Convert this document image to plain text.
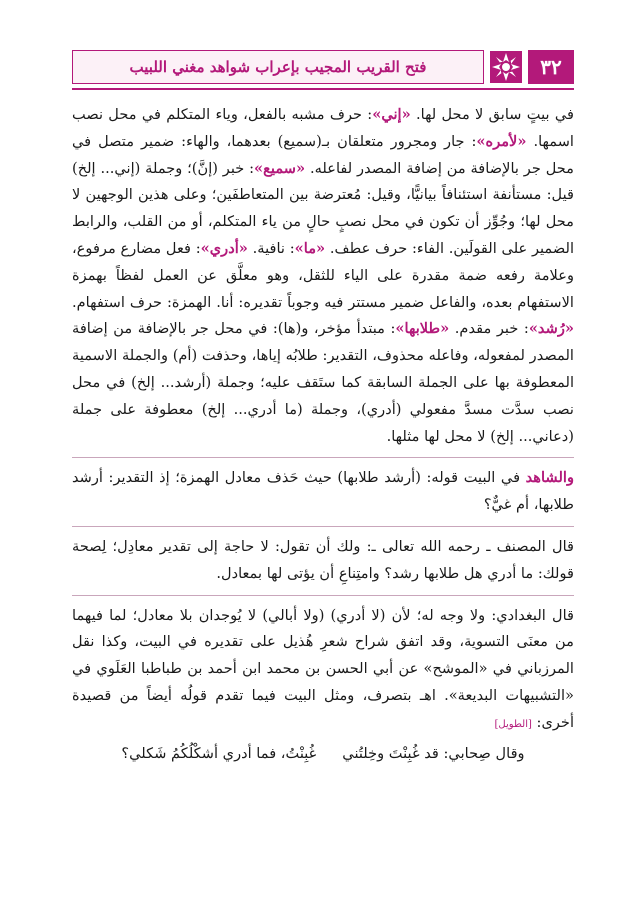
٣٢
فتح القريب المجيب بإعراب شواهد مغني اللبيب

في بيتٍ سابق لا محل لها. «إني»: حرف مشبه بالفعل، وياء المتكلم في محل نصب اسمها. «لأمره»: جار ومجرور متعلقان بـ(سميع) بعدهما، والهاء: ضمير متصل في محل جر بالإضافة من إضافة المصدر لفاعله. «سميع»: خبر (إنَّ)؛ وجملة (إني... إلخ) قيل: مستأنفة استئنافاً بيانيًّا، وقيل: مُعترضة بين المتعاطفَين؛ وعلى هذين الوجهين لا محل لها؛ وجُوِّز أن تكون في محل نصبٍ حالٍ من ياء المتكلم، أو من القلب، والرابط الضمير على القولَين. الفاء: حرف عطف. «ما»: نافية. «أدري»: فعل مضارع مرفوع، وعلامة رفعه ضمة مقدرة على الياء للثقل، وهو معلَّق عن العمل لفظاً بهمزة الاستفهام بعده، والفاعل ضمير مستتر فيه وجوباً تقديره: أنا. الهمزة: حرف استفهام. «رُشد»: خبر مقدم. «طلابها»: مبتدأ مؤخر، و(ها): في محل جر بالإضافة من إضافة المصدر لمفعوله، وفاعله محذوف، التقدير: طلابُه إياها، وحذفت (أم) والجملة الاسمية المعطوفة بها على الجملة السابقة كما ستَقف عليه؛ وجملة (أرشد... إلخ) في محل نصب سدَّت مسدَّ مفعولي (أدري)، وجملة (ما أدري... إلخ) معطوفة على جملة (دعاني... إلخ) لا محل لها مثلها.

والشاهد في البيت قوله: (أرشد طلابها) حيث حَذف معادل الهمزة؛ إذ التقدير: أرشد طلابها، أم غيٌّ؟

قال المصنف ـ رحمه الله تعالى ـ: ولك أن تقول: لا حاجة إلى تقدير معادِل؛ لِصحة قولك: ما أدري هل طلابها رشد؟ وامتِناعِ أن يؤتى لها بمعادل.

قال البغدادي: ولا وجه له؛ لأن (لا أدري) (ولا أبالي) لا يُوجدان بلا معادل؛ لما فيهما من معنَى التسوية، وقد اتفق شراح شعرِ هُذيل على تقديره في البيت، وكذا نقل المرزباني في «الموشح» عن أبي الحسن بن محمد ابن أحمد بن طباطبا العَلَوي في «التشبيهات البديعة». اهـ بتصرف، ومثل البيت فيما تقدم قولُه أيضاً من قصيدة أخرى: [الطويل]

وقال صِحابي: قد غُبِنْتَ وخِلتُني
غُبِنْتُ، فما أدري أشكْلُكُمُ شَكلي؟
